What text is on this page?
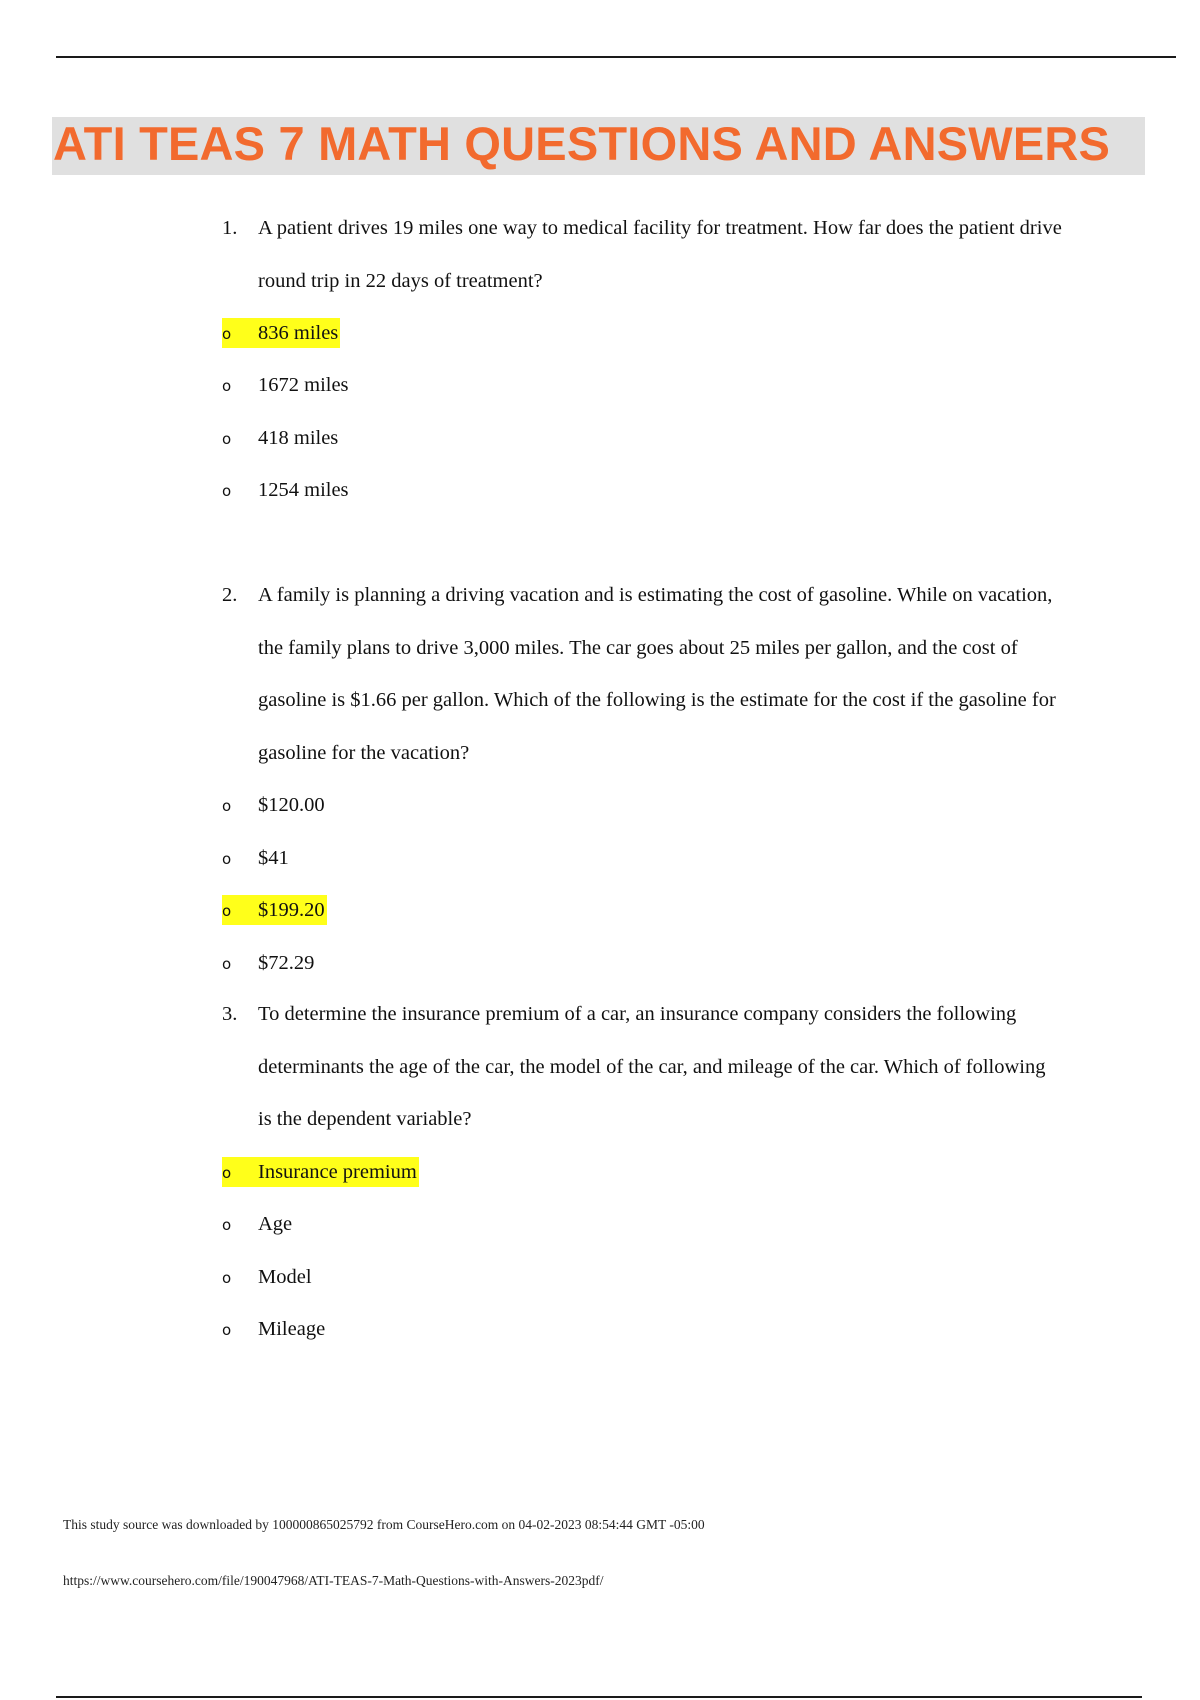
ATI TEAS 7 MATH QUESTIONS AND ANSWERS
1. A patient drives 19 miles one way to medical facility for treatment. How far does the patient drive round trip in 22 days of treatment?
o 836 miles
o 1672 miles
o 418 miles
o 1254 miles
2. A family is planning a driving vacation and is estimating the cost of gasoline. While on vacation, the family plans to drive 3,000 miles. The car goes about 25 miles per gallon, and the cost of gasoline is $1.66 per gallon. Which of the following is the estimate for the cost if the gasoline for gasoline for the vacation?
o $120.00
o $41
o $199.20
o $72.29
3. To determine the insurance premium of a car, an insurance company considers the following determinants the age of the car, the model of the car, and mileage of the car. Which of following is the dependent variable?
o Insurance premium
o Age
o Model
o Mileage
This study source was downloaded by 100000865025792 from CourseHero.com on 04-02-2023 08:54:44 GMT -05:00
https://www.coursehero.com/file/190047968/ATI-TEAS-7-Math-Questions-with-Answers-2023pdf/
